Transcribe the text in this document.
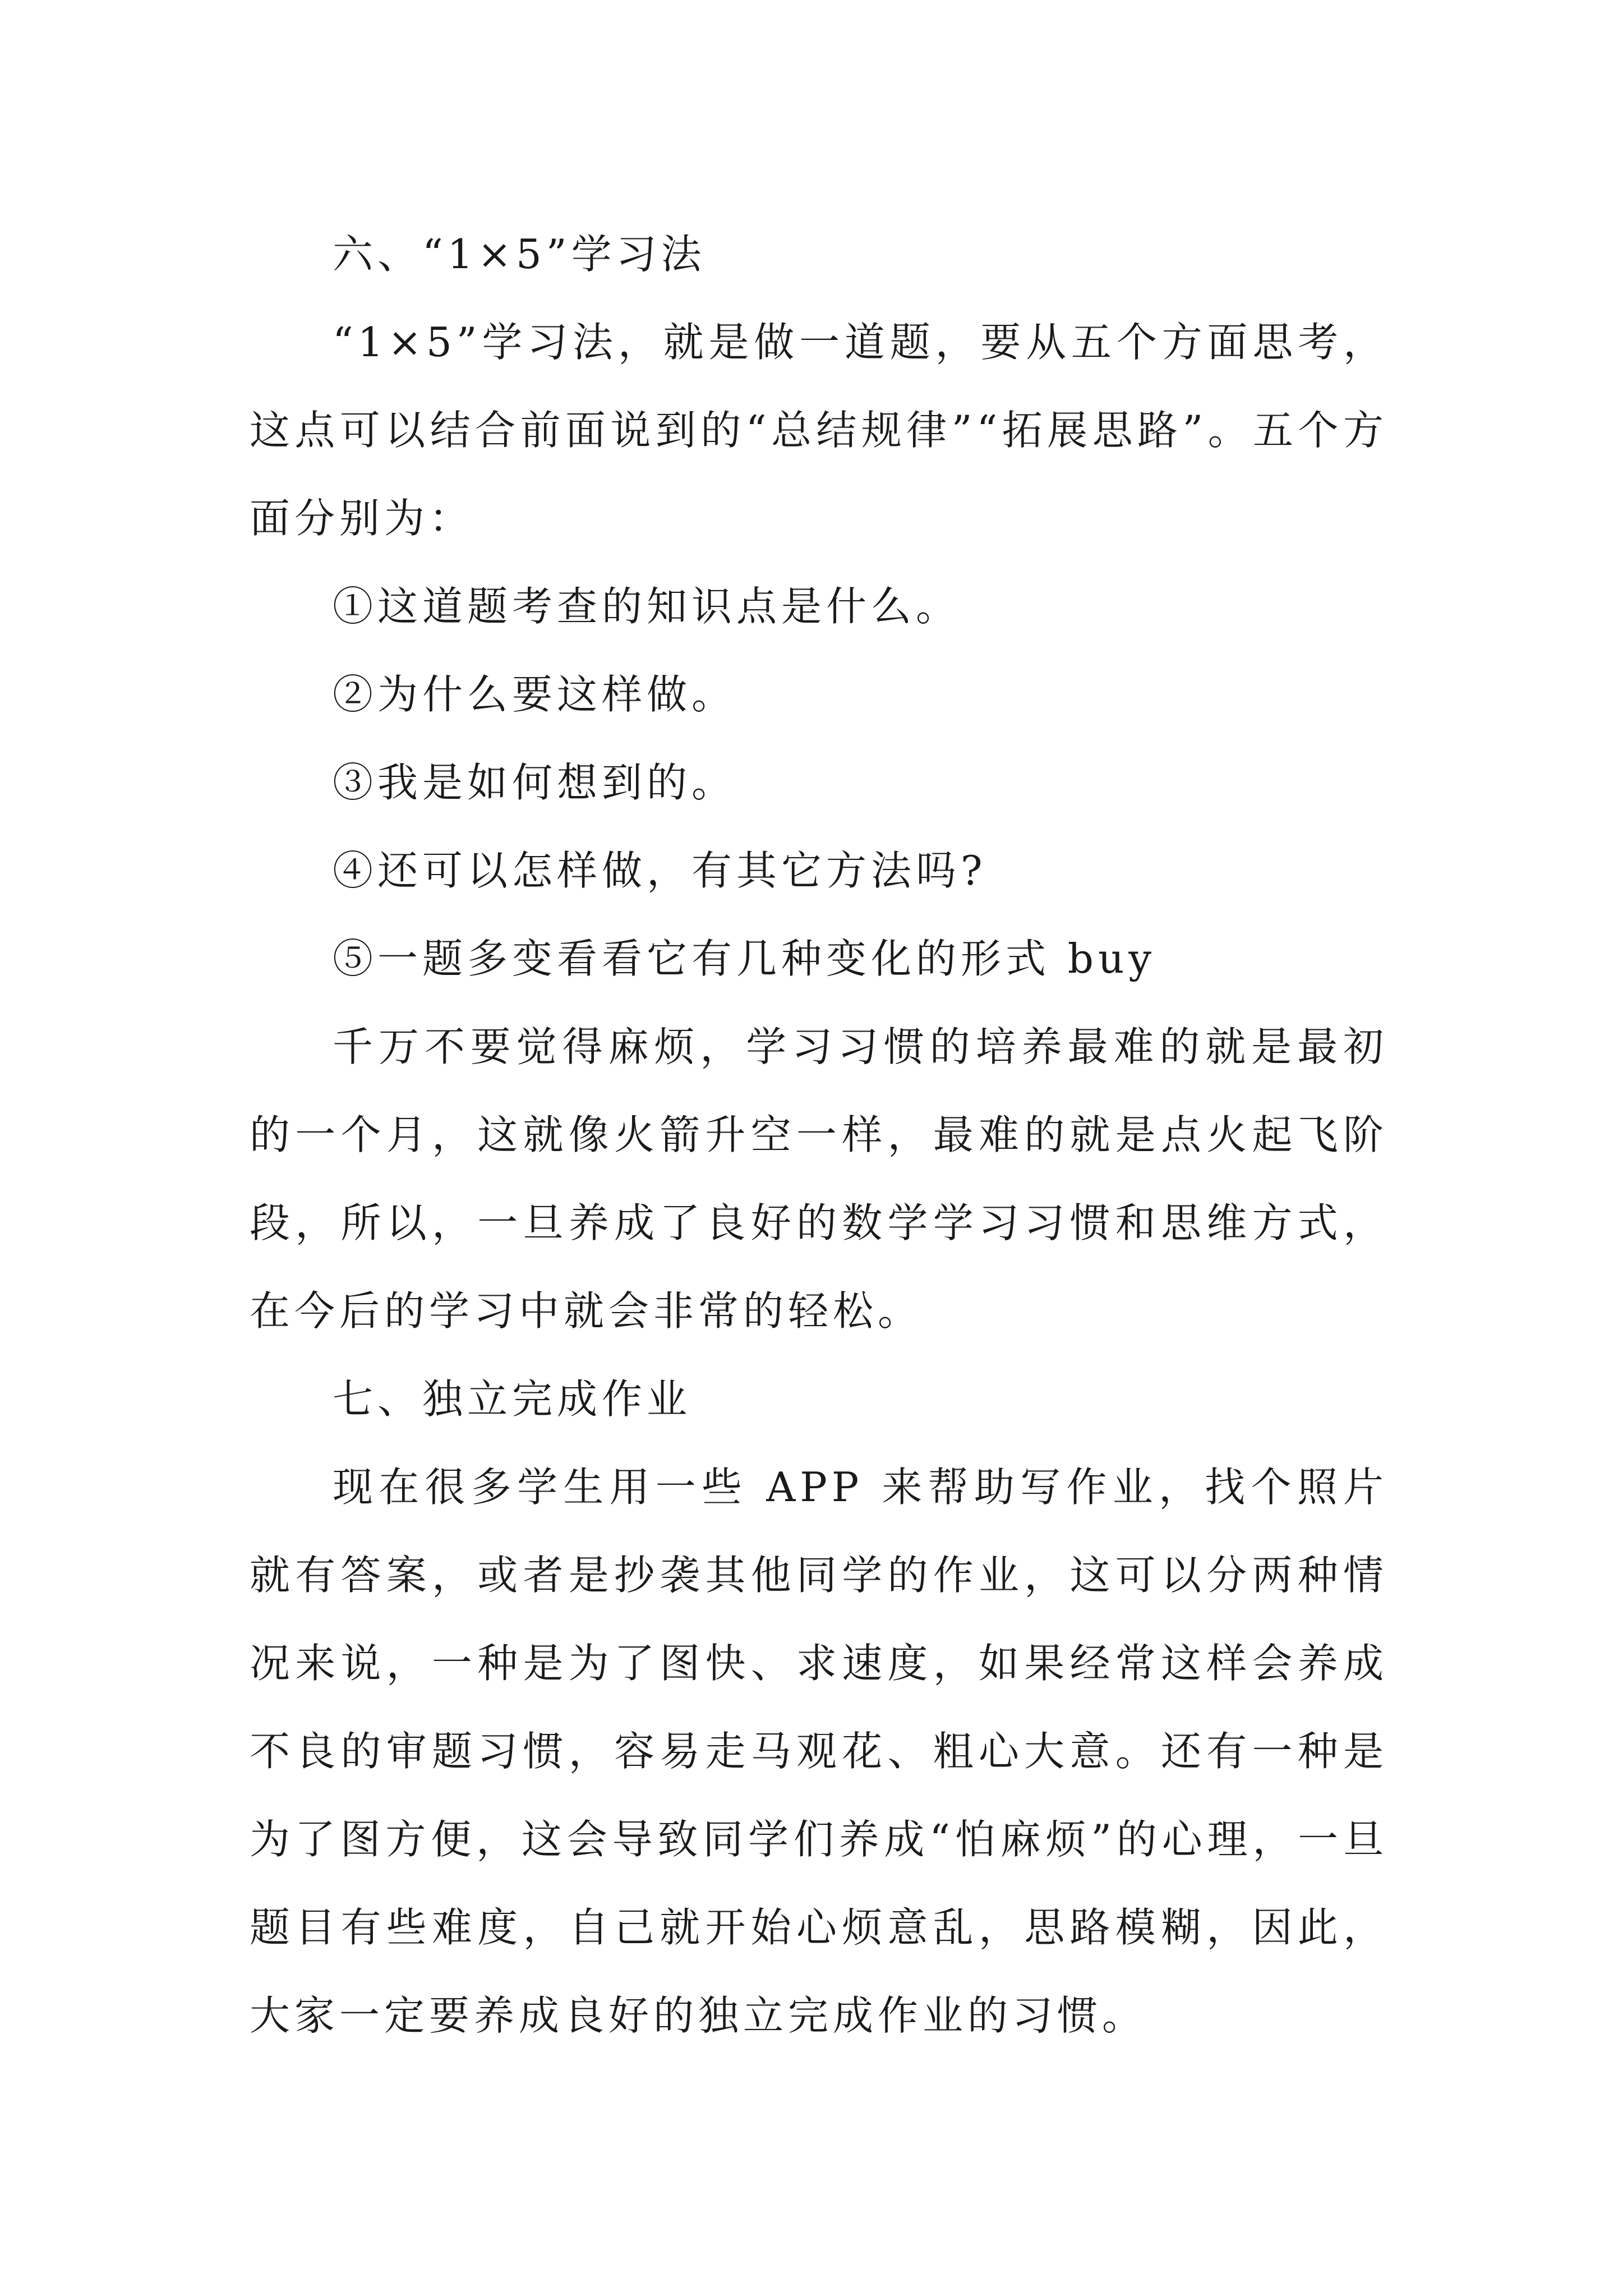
六、“1×5”学习法

“1×5”学习法，就是做一道题，要从五个方面思考，这点可以结合前面说到的“总结规律”“拓展思路”。五个方面分别为：

①这道题考查的知识点是什么。

②为什么要这样做。

③我是如何想到的。

④还可以怎样做，有其它方法吗?

⑤一题多变看看它有几种变化的形式 buy

千万不要觉得麻烦，学习习惯的培养最难的就是最初的一个月，这就像火箭升空一样，最难的就是点火起飞阶段，所以，一旦养成了良好的数学学习习惯和思维方式，在今后的学习中就会非常的轻松。

七、独立完成作业

现在很多学生用一些 APP 来帮助写作业，找个照片就有答案，或者是抄袭其他同学的作业，这可以分两种情况来说，一种是为了图快、求速度，如果经常这样会养成不良的审题习惯，容易走马观花、粗心大意。还有一种是为了图方便，这会导致同学们养成“怕麻烦”的心理，一旦题目有些难度，自己就开始心烦意乱，思路模糊，因此，大家一定要养成良好的独立完成作业的习惯。
